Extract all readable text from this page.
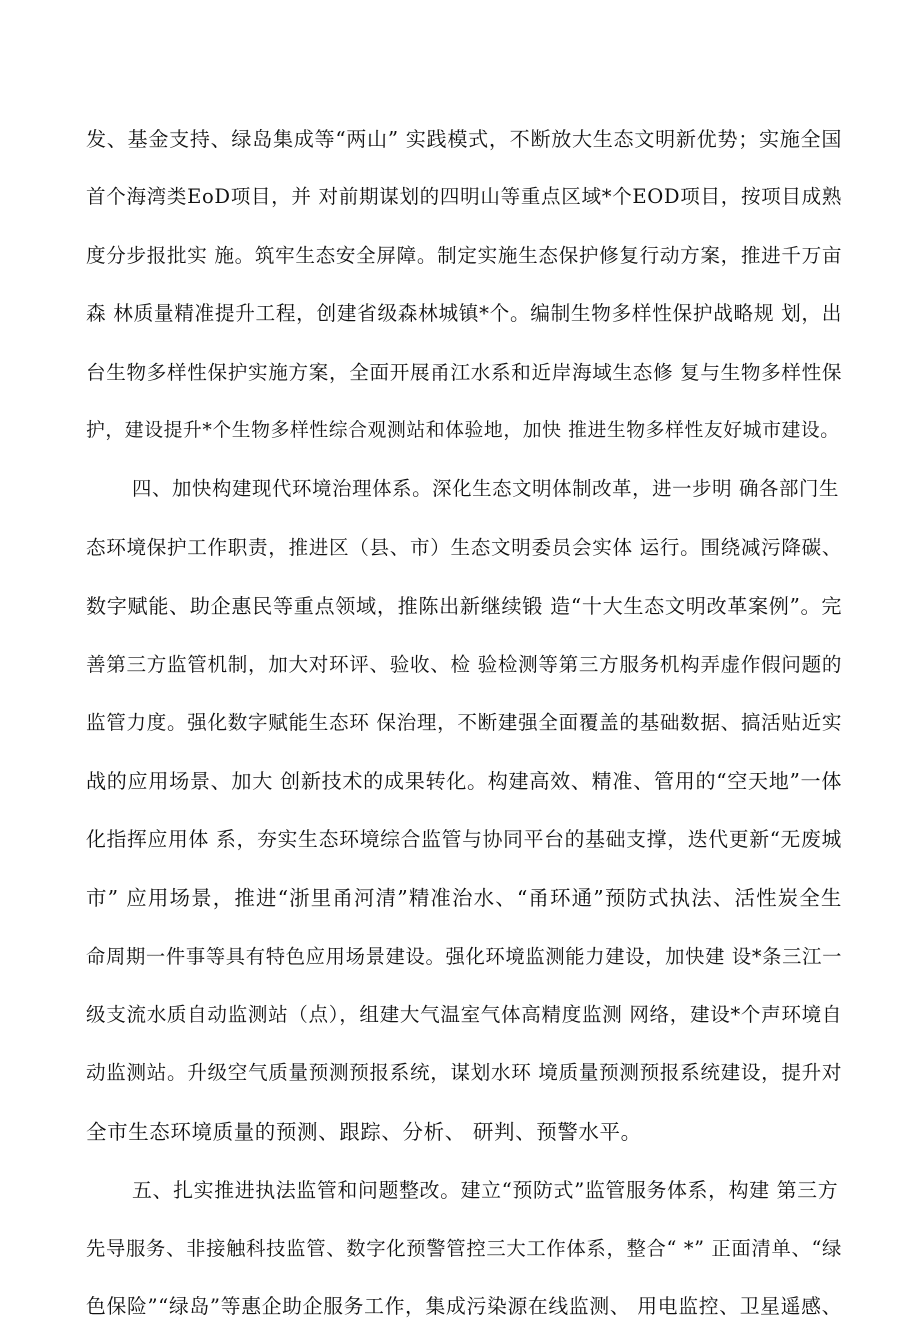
发、基金支持、绿岛集成等“两山” 实践模式，不断放大生态文明新优势；实施全国
首个海湾类EoD项目，并 对前期谋划的四明山等重点区域*个EOD项目，按项目成熟
度分步报批实 施。筑牢生态安全屏障。制定实施生态保护修复行动方案，推进千万亩
森 林质量精准提升工程，创建省级森林城镇*个。编制生物多样性保护战略规 划，出
台生物多样性保护实施方案，全面开展甬江水系和近岸海域生态修 复与生物多样性保
护，建设提升*个生物多样性综合观测站和体验地，加快 推进生物多样性友好城市建设。
四、加快构建现代环境治理体系。深化生态文明体制改革，进一步明 确各部门生
态环境保护工作职责，推进区（县、市）生态文明委员会实体 运行。围绕减污降碳、
数字赋能、助企惠民等重点领域，推陈出新继续锻 造“十大生态文明改革案例”。完
善第三方监管机制，加大对环评、验收、检 验检测等第三方服务机构弄虚作假问题的
监管力度。强化数字赋能生态环 保治理，不断建强全面覆盖的基础数据、搞活贴近实
战的应用场景、加大 创新技术的成果转化。构建高效、精准、管用的“空天地”一体
化指挥应用体 系，夯实生态环境综合监管与协同平台的基础支撑，迭代更新“无废城
市” 应用场景，推进“浙里甬河清”精准治水、“甬环通”预防式执法、活性炭全生
命周期一件事等具有特色应用场景建设。强化环境监测能力建设，加快建 设*条三江一
级支流水质自动监测站（点），组建大气温室气体高精度监测 网络，建设*个声环境自
动监测站。升级空气质量预测预报系统，谋划水环 境质量预测预报系统建设，提升对
全市生态环境质量的预测、跟踪、分析、 研判、预警水平。
五、扎实推进执法监管和问题整改。建立“预防式”监管服务体系，构建 第三方
先导服务、非接触科技监管、数字化预警管控三大工作体系，整合“ *” 正面清单、“绿
色保险”“绿岛”等惠企助企服务工作，集成污染源在线监测、 用电监控、卫星遥感、
